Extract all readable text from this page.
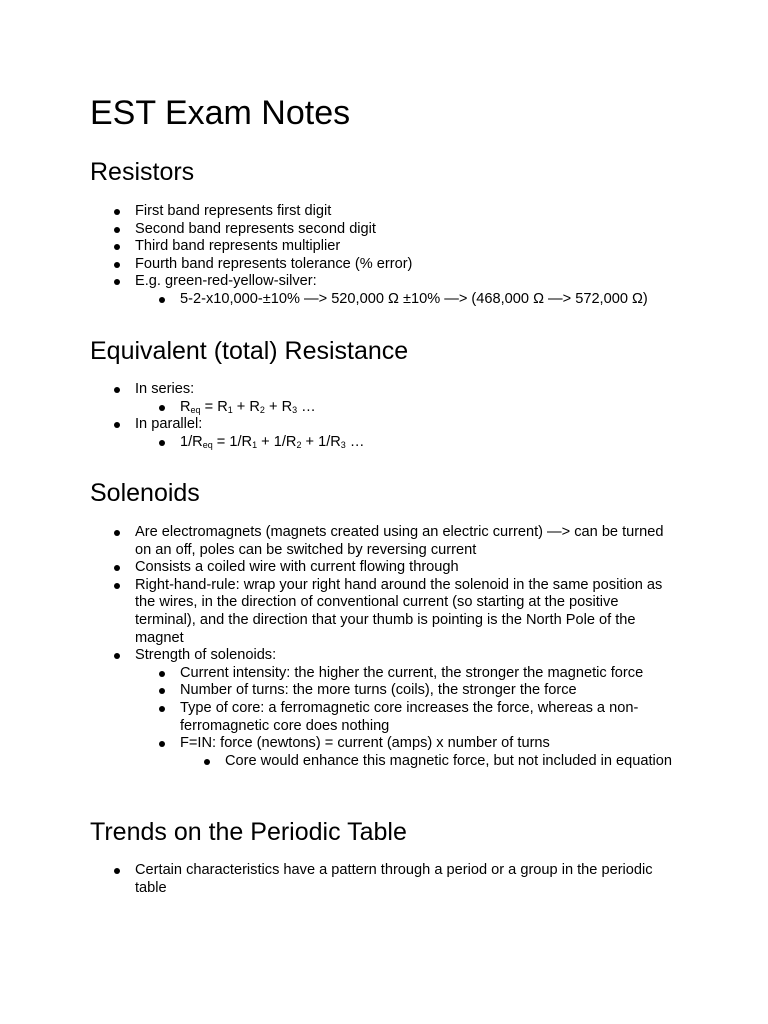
EST Exam Notes
Resistors
First band represents first digit
Second band represents second digit
Third band represents multiplier
Fourth band represents tolerance (% error)
E.g. green-red-yellow-silver:
5-2-x10,000-±10% —> 520,000 Ω ±10% —> (468,000 Ω —> 572,000 Ω)
Equivalent (total) Resistance
In series:
$R_{eq} = R_1 + R_2 + R_3$ …
In parallel:
$1/R_{eq} = 1/R_1 + 1/R_2 + 1/R_3$ …
Solenoids
Are electromagnets (magnets created using an electric current) —> can be turned on an off, poles can be switched by reversing current
Consists a coiled wire with current flowing through
Right-hand-rule: wrap your right hand around the solenoid in the same position as the wires, in the direction of conventional current (so starting at the positive terminal), and the direction that your thumb is pointing is the North Pole of the magnet
Strength of solenoids:
Current intensity: the higher the current, the stronger the magnetic force
Number of turns: the more turns (coils), the stronger the force
Type of core: a ferromagnetic core increases the force, whereas a non-ferromagnetic core does nothing
F=IN: force (newtons) = current (amps) x number of turns
Core would enhance this magnetic force, but not included in equation
Trends on the Periodic Table
Certain characteristics have a pattern through a period or a group in the periodic table
